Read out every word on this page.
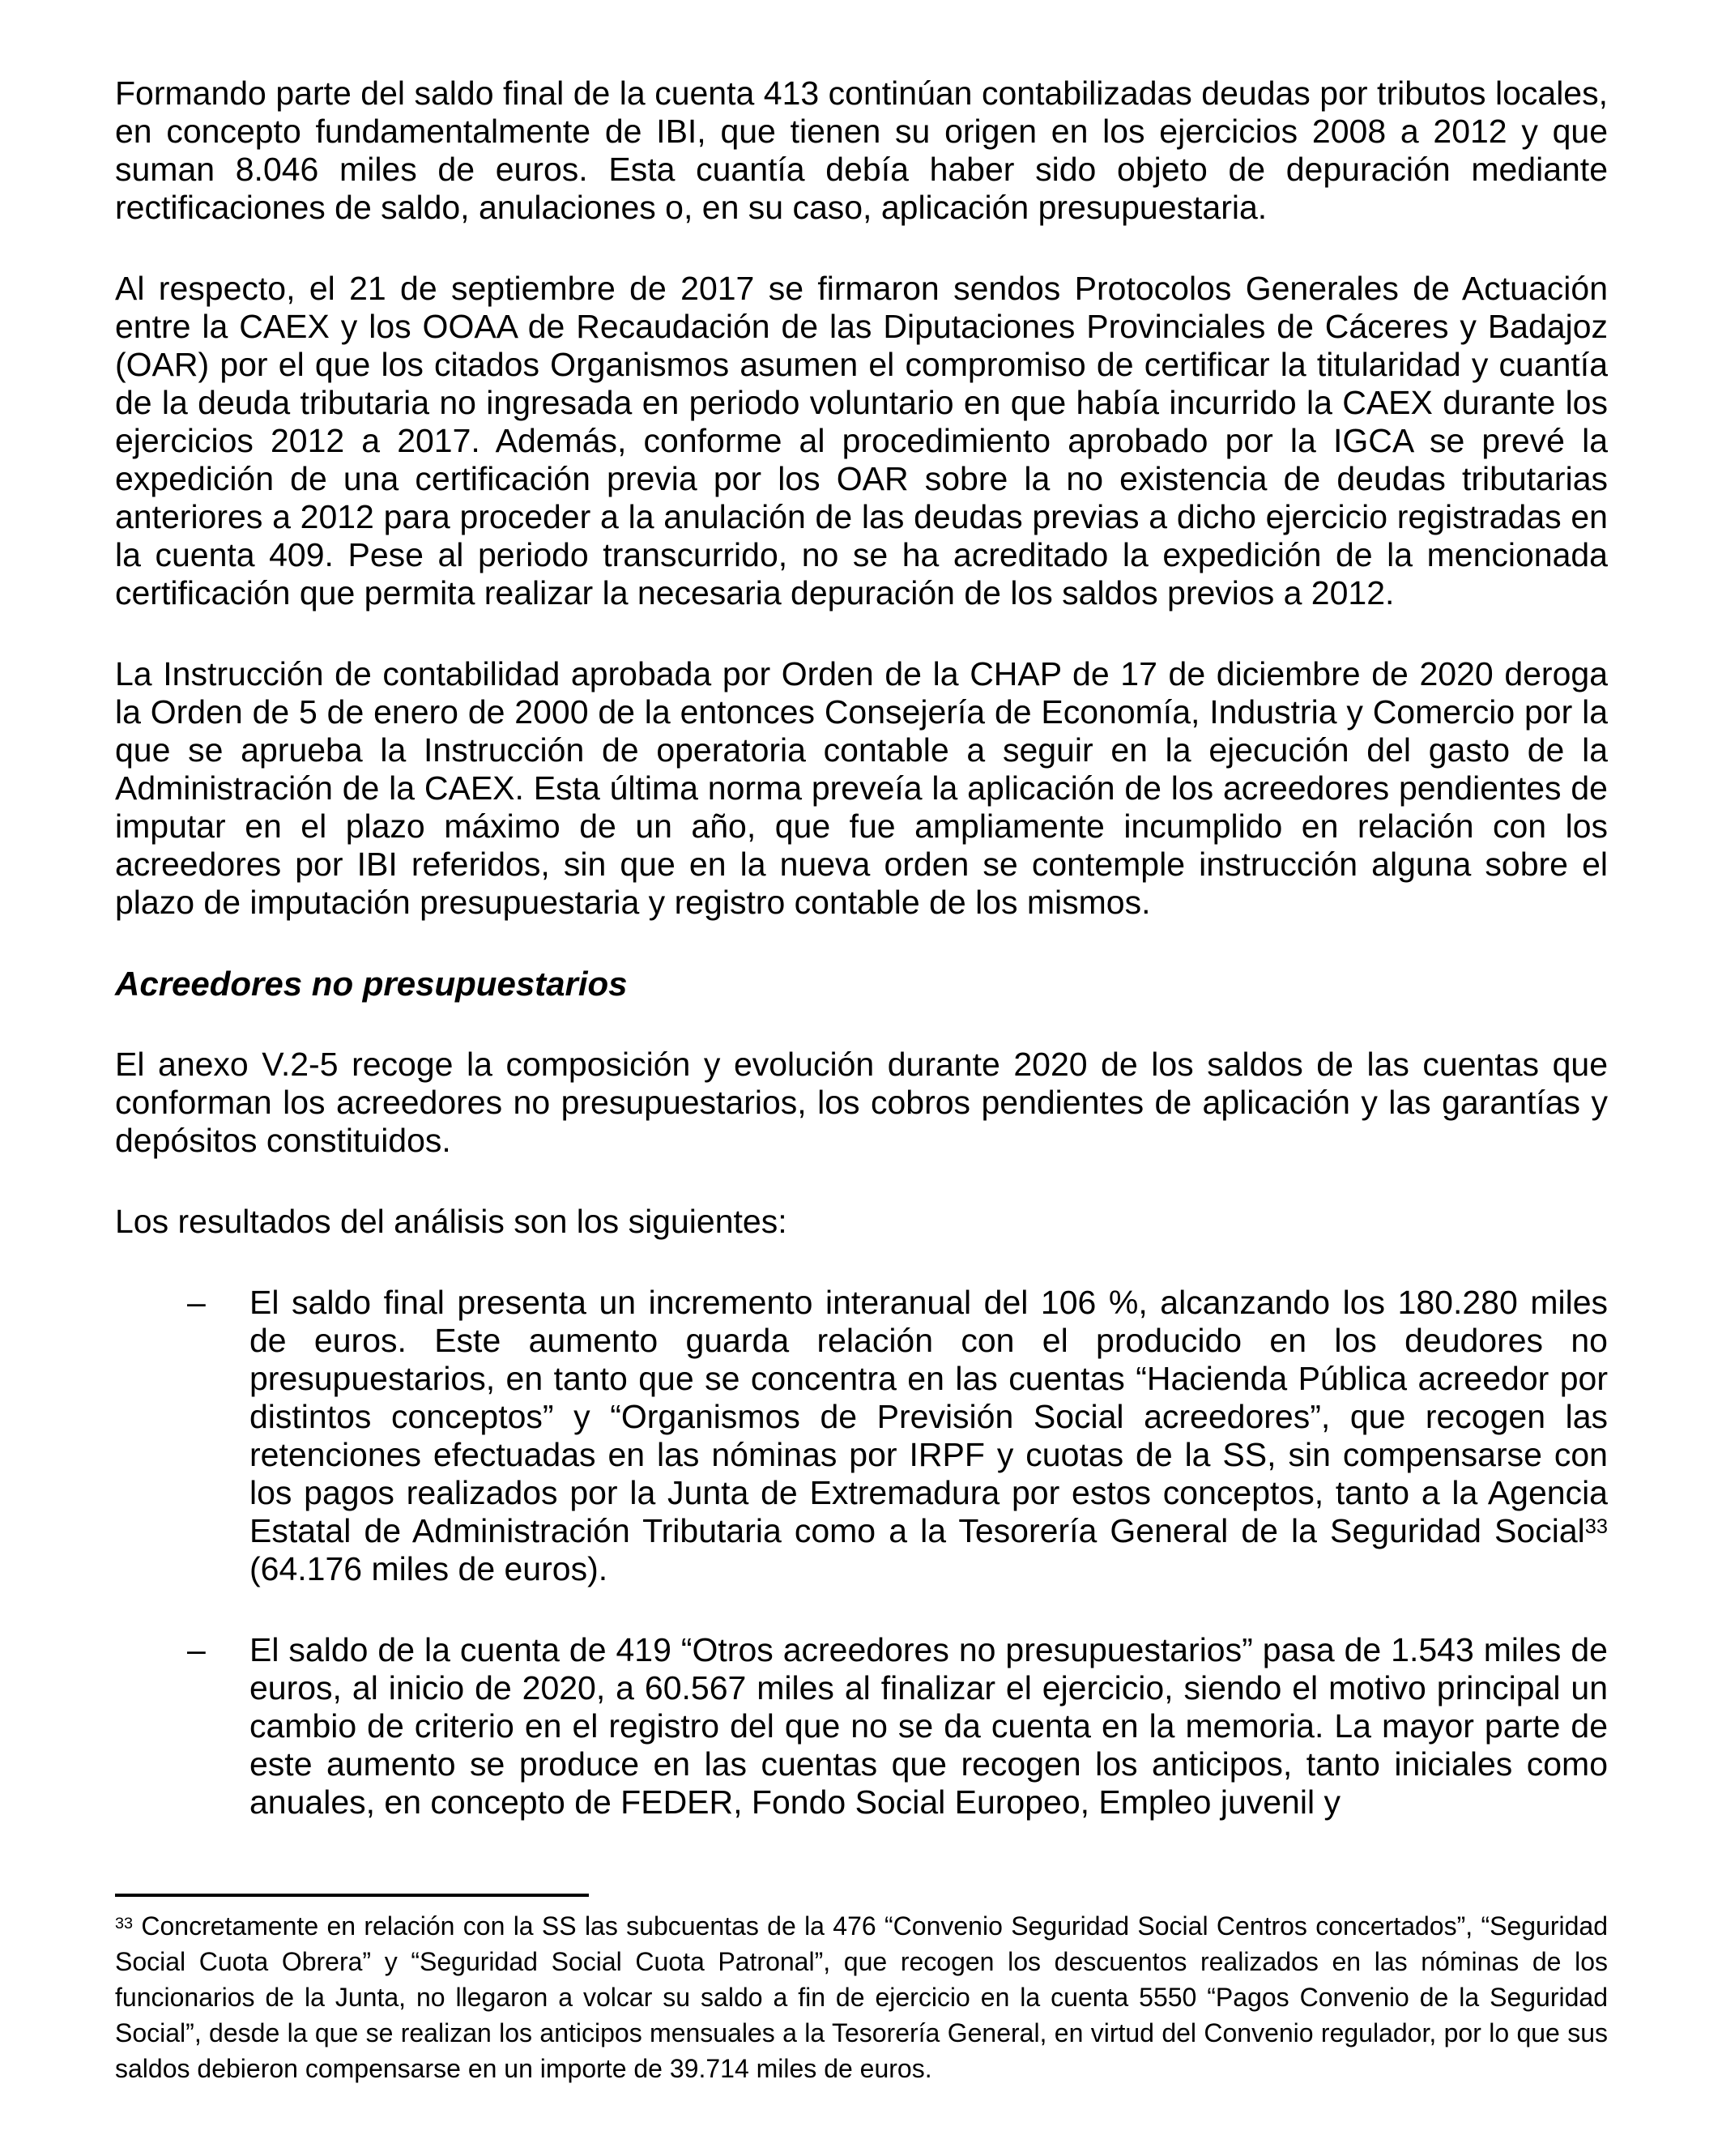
Formando parte del saldo final de la cuenta 413 continúan contabilizadas deudas por tributos locales, en concepto fundamentalmente de IBI, que tienen su origen en los ejercicios 2008 a 2012 y que suman 8.046 miles de euros. Esta cuantía debía haber sido objeto de depuración mediante rectificaciones de saldo, anulaciones o, en su caso, aplicación presupuestaria.

Al respecto, el 21 de septiembre de 2017 se firmaron sendos Protocolos Generales de Actuación entre la CAEX y los OOAA de Recaudación de las Diputaciones Provinciales de Cáceres y Badajoz (OAR) por el que los citados Organismos asumen el compromiso de certificar la titularidad y cuantía de la deuda tributaria no ingresada en periodo voluntario en que había incurrido la CAEX durante los ejercicios 2012 a 2017. Además, conforme al procedimiento aprobado por la IGCA se prevé la expedición de una certificación previa por los OAR sobre la no existencia de deudas tributarias anteriores a 2012 para proceder a la anulación de las deudas previas a dicho ejercicio registradas en la cuenta 409. Pese al periodo transcurrido, no se ha acreditado la expedición de la mencionada certificación que permita realizar la necesaria depuración de los saldos previos a 2012.

La Instrucción de contabilidad aprobada por Orden de la CHAP de 17 de diciembre de 2020 deroga la Orden de 5 de enero de 2000 de la entonces Consejería de Economía, Industria y Comercio por la que se aprueba la Instrucción de operatoria contable a seguir en la ejecución del gasto de la Administración de la CAEX. Esta última norma preveía la aplicación de los acreedores pendientes de imputar en el plazo máximo de un año, que fue ampliamente incumplido en relación con los acreedores por IBI referidos, sin que en la nueva orden se contemple instrucción alguna sobre el plazo de imputación presupuestaria y registro contable de los mismos.

Acreedores no presupuestarios

El anexo V.2-5 recoge la composición y evolución durante 2020 de los saldos de las cuentas que conforman los acreedores no presupuestarios, los cobros pendientes de aplicación y las garantías y depósitos constituidos.

Los resultados del análisis son los siguientes:

– El saldo final presenta un incremento interanual del 106 %, alcanzando los 180.280 miles de euros. Este aumento guarda relación con el producido en los deudores no presupuestarios, en tanto que se concentra en las cuentas “Hacienda Pública acreedor por distintos conceptos” y “Organismos de Previsión Social acreedores”, que recogen las retenciones efectuadas en las nóminas por IRPF y cuotas de la SS, sin compensarse con los pagos realizados por la Junta de Extremadura por estos conceptos, tanto a la Agencia Estatal de Administración Tributaria como a la Tesorería General de la Seguridad Social$^{33}$ (64.176 miles de euros).
– El saldo de la cuenta de 419 “Otros acreedores no presupuestarios” pasa de 1.543 miles de euros, al inicio de 2020, a 60.567 miles al finalizar el ejercicio, siendo el motivo principal un cambio de criterio en el registro del que no se da cuenta en la memoria. La mayor parte de este aumento se produce en las cuentas que recogen los anticipos, tanto iniciales como anuales, en concepto de FEDER, Fondo Social Europeo, Empleo juvenil y

$^{33}$ Concretamente en relación con la SS las subcuentas de la 476 “Convenio Seguridad Social Centros concertados”, “Seguridad Social Cuota Obrera” y “Seguridad Social Cuota Patronal”, que recogen los descuentos realizados en las nóminas de los funcionarios de la Junta, no llegaron a volcar su saldo a fin de ejercicio en la cuenta 5550 “Pagos Convenio de la Seguridad Social”, desde la que se realizan los anticipos mensuales a la Tesorería General, en virtud del Convenio regulador, por lo que sus saldos debieron compensarse en un importe de 39.714 miles de euros.
